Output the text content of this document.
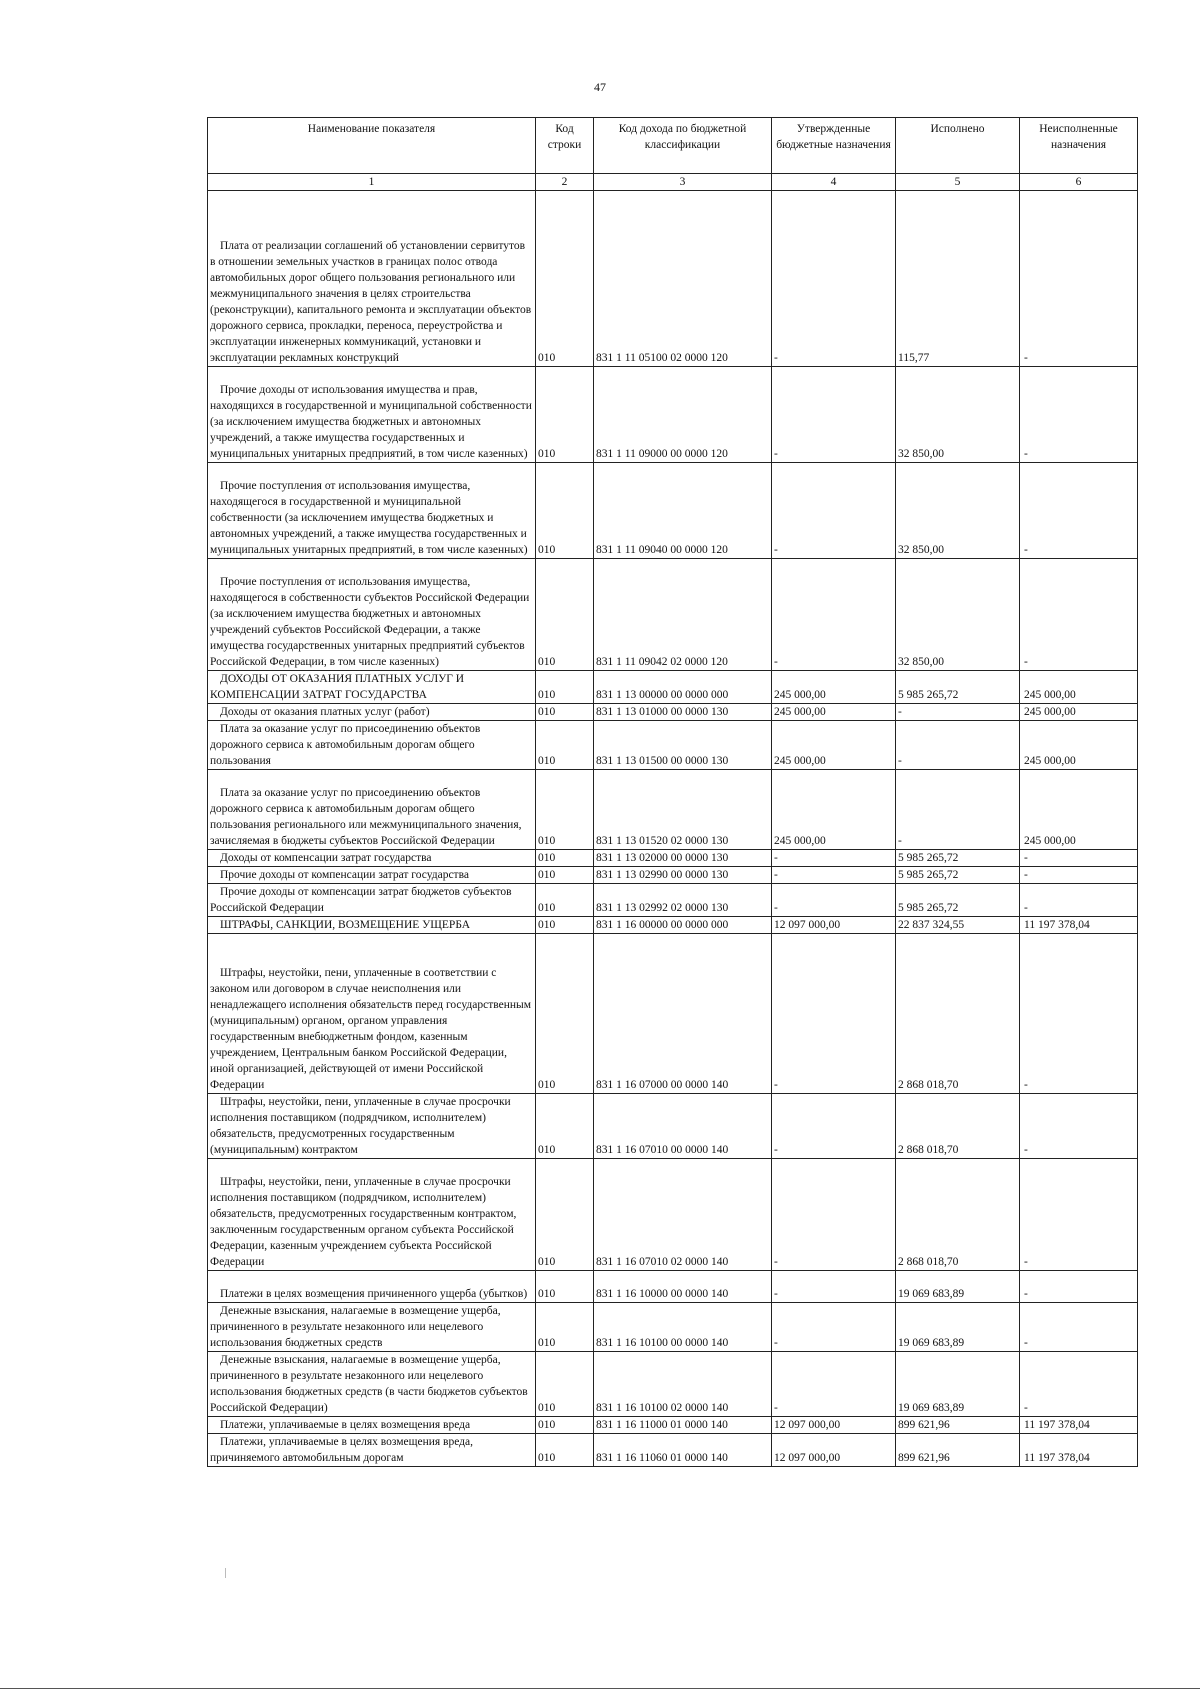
47
Наименование показателя	Код строки	Код дохода по бюджетной классификации	Утвержденные бюджетные назначения	Исполнено	Неисполненные назначения
1	2	3	4	5	6
Плата от реализации соглашений об установлении сервитутов в отношении земельных участков в границах полос отвода автомобильных дорог общего пользования регионального или межмуниципального значения в целях строительства (реконструкции), капитального ремонта и эксплуатации объектов дорожного сервиса, прокладки, переноса, переустройства и эксплуатации инженерных коммуникаций, установки и эксплуатации рекламных конструкций	010	831 1 11 05100 02 0000 120	-	115,77	-
Прочие доходы от использования имущества и прав, находящихся в государственной и муниципальной собственности (за исключением имущества бюджетных и автономных учреждений, а также имущества государственных и муниципальных унитарных предприятий, в том числе казенных)	010	831 1 11 09000 00 0000 120	-	32 850,00	-
Прочие поступления от использования имущества, находящегося в государственной и муниципальной собственности (за исключением имущества бюджетных и автономных учреждений, а также имущества государственных и муниципальных унитарных предприятий, в том числе казенных)	010	831 1 11 09040 00 0000 120	-	32 850,00	-
Прочие поступления от использования имущества, находящегося в собственности субъектов Российской Федерации (за исключением имущества бюджетных и автономных учреждений субъектов Российской Федерации, а также имущества государственных унитарных предприятий субъектов Российской Федерации, в том числе казенных)	010	831 1 11 09042 02 0000 120	-	32 850,00	-
ДОХОДЫ ОТ ОКАЗАНИЯ ПЛАТНЫХ УСЛУГ И КОМПЕНСАЦИИ ЗАТРАТ ГОСУДАРСТВА	010	831 1 13 00000 00 0000 000	245 000,00	5 985 265,72	245 000,00
Доходы от оказания платных услуг (работ)	010	831 1 13 01000 00 0000 130	245 000,00	-	245 000,00
Плата за оказание услуг по присоединению объектов дорожного сервиса к автомобильным дорогам общего пользования	010	831 1 13 01500 00 0000 130	245 000,00	-	245 000,00
Плата за оказание услуг по присоединению объектов дорожного сервиса к автомобильным дорогам общего пользования регионального или межмуниципального значения, зачисляемая в бюджеты субъектов Российской Федерации	010	831 1 13 01520 02 0000 130	245 000,00	-	245 000,00
Доходы от компенсации затрат государства	010	831 1 13 02000 00 0000 130	-	5 985 265,72	-
Прочие доходы от компенсации затрат государства	010	831 1 13 02990 00 0000 130	-	5 985 265,72	-
Прочие доходы от компенсации затрат бюджетов субъектов Российской Федерации	010	831 1 13 02992 02 0000 130	-	5 985 265,72	-
ШТРАФЫ, САНКЦИИ, ВОЗМЕЩЕНИЕ УЩЕРБА	010	831 1 16 00000 00 0000 000	12 097 000,00	22 837 324,55	11 197 378,04
Штрафы, неустойки, пени, уплаченные в соответствии с законом или договором в случае неисполнения или ненадлежащего исполнения обязательств перед государственным (муниципальным) органом, органом управления государственным внебюджетным фондом, казенным учреждением, Центральным банком Российской Федерации, иной организацией, действующей от имени Российской Федерации	010	831 1 16 07000 00 0000 140	-	2 868 018,70	-
Штрафы, неустойки, пени, уплаченные в случае просрочки исполнения поставщиком (подрядчиком, исполнителем) обязательств, предусмотренных государственным (муниципальным) контрактом	010	831 1 16 07010 00 0000 140	-	2 868 018,70	-
Штрафы, неустойки, пени, уплаченные в случае просрочки исполнения поставщиком (подрядчиком, исполнителем) обязательств, предусмотренных государственным контрактом, заключенным государственным органом субъекта Российской Федерации, казенным учреждением субъекта Российской Федерации	010	831 1 16 07010 02 0000 140	-	2 868 018,70	-
Платежи в целях возмещения причиненного ущерба (убытков)	010	831 1 16 10000 00 0000 140	-	19 069 683,89	-
Денежные взыскания, налагаемые в возмещение ущерба, причиненного в результате незаконного или нецелевого использования бюджетных средств	010	831 1 16 10100 00 0000 140	-	19 069 683,89	-
Денежные взыскания, налагаемые в возмещение ущерба, причиненного в результате незаконного или нецелевого использования бюджетных средств (в части бюджетов субъектов Российской Федерации)	010	831 1 16 10100 02 0000 140	-	19 069 683,89	-
Платежи, уплачиваемые в целях возмещения вреда	010	831 1 16 11000 01 0000 140	12 097 000,00	899 621,96	11 197 378,04
Платежи, уплачиваемые в целях возмещения вреда, причиняемого автомобильным дорогам	010	831 1 16 11060 01 0000 140	12 097 000,00	899 621,96	11 197 378,04
